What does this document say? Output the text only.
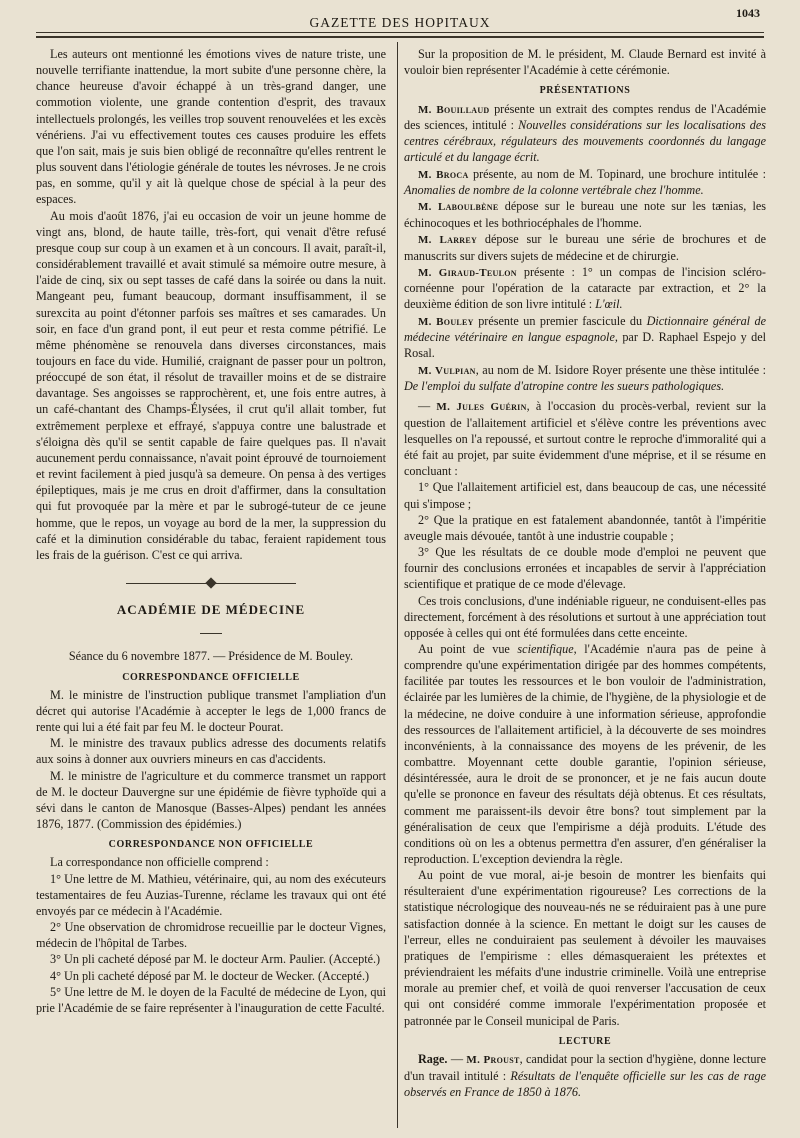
GAZETTE DES HOPITAUX
1043

Les auteurs ont mentionné les émotions vives de nature triste, une nouvelle terrifiante inattendue, la mort subite d'une personne chère, la chance heureuse d'avoir échappé à un très-grand danger, une commotion violente, une grande contention d'esprit, des travaux intellectuels prolongés, les veilles trop souvent renouvelées et les excès vénériens. J'ai vu effectivement toutes ces causes produire les effets que l'on sait, mais je suis bien obligé de reconnaître qu'elles rentrent le plus souvent dans l'étiologie générale de toutes les névroses. Je ne crois pas, en somme, qu'il y ait là quelque chose de spécial à la peur des espaces.

Au mois d'août 1876, j'ai eu occasion de voir un jeune homme de vingt ans, blond, de haute taille, très-fort, qui venait d'être refusé presque coup sur coup à un examen et à un concours. Il avait, paraît-il, considérablement travaillé et avait stimulé sa mémoire outre mesure, à l'aide de cinq, six ou sept tasses de café dans la soirée ou dans la nuit. Mangeant peu, fumant beaucoup, dormant insuffisamment, il se surexcita au point d'étonner parfois ses maîtres et ses camarades. Un soir, en face d'un grand pont, il eut peur et resta comme pétrifié. Le même phénomène se renouvela dans diverses circonstances, mais toujours en face du vide. Humilié, craignant de passer pour un poltron, préoccupé de son état, il résolut de travailler moins et de se distraire davantage. Ses angoisses se rapprochèrent, et, une fois entre autres, à un café-chantant des Champs-Élysées, il crut qu'il allait tomber, fut extrêmement perplexe et effrayé, s'appuya contre une balustrade et s'éloigna dès qu'il se sentit capable de faire quelques pas. Il n'avait aucunement perdu connaissance, n'avait point éprouvé de tournoiement et revint facilement à pied jusqu'à sa demeure. On pensa à des vertiges épileptiques, mais je me crus en droit d'affirmer, dans la consultation qui fut provoquée par la mère et par le subrogé-tuteur de ce jeune homme, que le repos, un voyage au bord de la mer, la suppression du café et la diminution considérable du tabac, feraient rapidement tous les frais de la guérison. C'est ce qui arriva.

ACADÉMIE DE MÉDECINE

Séance du 6 novembre 1877. — Présidence de M. Bouley.

CORRESPONDANCE OFFICIELLE

M. le ministre de l'instruction publique transmet l'ampliation d'un décret qui autorise l'Académie à accepter le legs de 1,000 francs de rente qui lui a été fait par feu M. le docteur Pourat.

M. le ministre des travaux publics adresse des documents relatifs aux soins à donner aux ouvriers mineurs en cas d'accidents.

M. le ministre de l'agriculture et du commerce transmet un rapport de M. le docteur Dauvergne sur une épidémie de fièvre typhoïde qui a sévi dans le canton de Manosque (Basses-Alpes) pendant les années 1876, 1877. (Commission des épidémies.)

CORRESPONDANCE NON OFFICIELLE

La correspondance non officielle comprend :

1° Une lettre de M. Mathieu, vétérinaire, qui, au nom des exécuteurs testamentaires de feu Auzias-Turenne, réclame les travaux qui ont été envoyés par ce médecin à l'Académie.

2° Une observation de chromidrose recueillie par le docteur Vignes, médecin de l'hôpital de Tarbes.

3° Un pli cacheté déposé par M. le docteur Arm. Paulier. (Accepté.)

4° Un pli cacheté déposé par M. le docteur de Wecker. (Accepté.)

5° Une lettre de M. le doyen de la Faculté de médecine de Lyon, qui prie l'Académie de se faire représenter à l'inauguration de cette Faculté.

Sur la proposition de M. le président, M. Claude Bernard est invité à vouloir bien représenter l'Académie à cette cérémonie.

PRÉSENTATIONS

M. Bouillaud présente un extrait des comptes rendus de l'Académie des sciences, intitulé : Nouvelles considérations sur les localisations des centres cérébraux, régulateurs des mouvements coordonnés du langage articulé et du langage écrit.

M. Broca présente, au nom de M. Topinard, une brochure intitulée : Anomalies de nombre de la colonne vertébrale chez l'homme.

M. Laboulbène dépose sur le bureau une note sur les tænias, les échinocoques et les bothriocéphales de l'homme.

M. Larrey dépose sur le bureau une série de brochures et de manuscrits sur divers sujets de médecine et de chirurgie.

M. Giraud-Teulon présente : 1° un compas de l'incision scléro-cornéenne pour l'opération de la cataracte par extraction, et 2° la deuxième édition de son livre intitulé : L'œil.

M. Bouley présente un premier fascicule du Dictionnaire général de médecine vétérinaire en langue espagnole, par D. Raphael Espejo y del Rosal.

M. Vulpian, au nom de M. Isidore Royer présente une thèse intitulée : De l'emploi du sulfate d'atropine contre les sueurs pathologiques.

— M. Jules Guérin, à l'occasion du procès-verbal, revient sur la question de l'allaitement artificiel et s'élève contre les préventions avec lesquelles on l'a repoussé, et surtout contre le reproche d'immoralité qui a été fait au projet, par suite évidemment d'une méprise, et il se résume en concluant :

1° Que l'allaitement artificiel est, dans beaucoup de cas, une nécessité qui s'impose ;

2° Que la pratique en est fatalement abandonnée, tantôt à l'impéritie aveugle mais dévouée, tantôt à une industrie coupable ;

3° Que les résultats de ce double mode d'emploi ne peuvent que fournir des conclusions erronées et incapables de servir à l'appréciation scientifique et pratique de ce mode d'élevage.

Ces trois conclusions, d'une indéniable rigueur, ne conduisent-elles pas directement, forcément à des résolutions et surtout à une appréciation tout opposée à celles qui ont été formulées dans cette enceinte.

Au point de vue scientifique, l'Académie n'aura pas de peine à comprendre qu'une expérimentation dirigée par des hommes compétents, facilitée par toutes les ressources et le bon vouloir de l'administration, éclairée par les lumières de la chimie, de l'hygiène, de la physiologie et de la médecine, ne doive conduire à une information sérieuse, approfondie des ressources de l'allaitement artificiel, à la découverte de ses moindres inconvénients, à la connaissance des moyens de les prévenir, de les combattre. Moyennant cette double garantie, l'opinion sérieuse, désintéressée, aura le droit de se prononcer, et je ne fais aucun doute qu'elle se prononce en faveur des résultats déjà obtenus. Et ces résultats, comment me paraissent-ils devoir être bons? tout simplement par la généralisation de ceux que l'empirisme a déjà produits. L'étude des conditions où on les a obtenus permettra d'en assurer, d'en généraliser la reproduction. L'exception deviendra la règle.

Au point de vue moral, ai-je besoin de montrer les bienfaits qui résulteraient d'une expérimentation rigoureuse? Les corrections de la statistique nécrologique des nouveau-nés ne se réduiraient pas à une pure satisfaction donnée à la science. En mettant le doigt sur les causes de l'erreur, elles ne conduiraient pas seulement à dévoiler les mauvaises pratiques de l'empirisme : elles démasqueraient les prétextes et préviendraient les méfaits d'une industrie criminelle. Voilà une entreprise morale au premier chef, et voilà de quoi renverser l'accusation de ceux qui ont considéré comme immorale l'expérimentation proposée et patronnée par le Conseil municipal de Paris.

LECTURE

Rage. — M. Proust, candidat pour la section d'hygiène, donne lecture d'un travail intitulé : Résultats de l'enquête officielle sur les cas de rage observés en France de 1850 à 1876.
